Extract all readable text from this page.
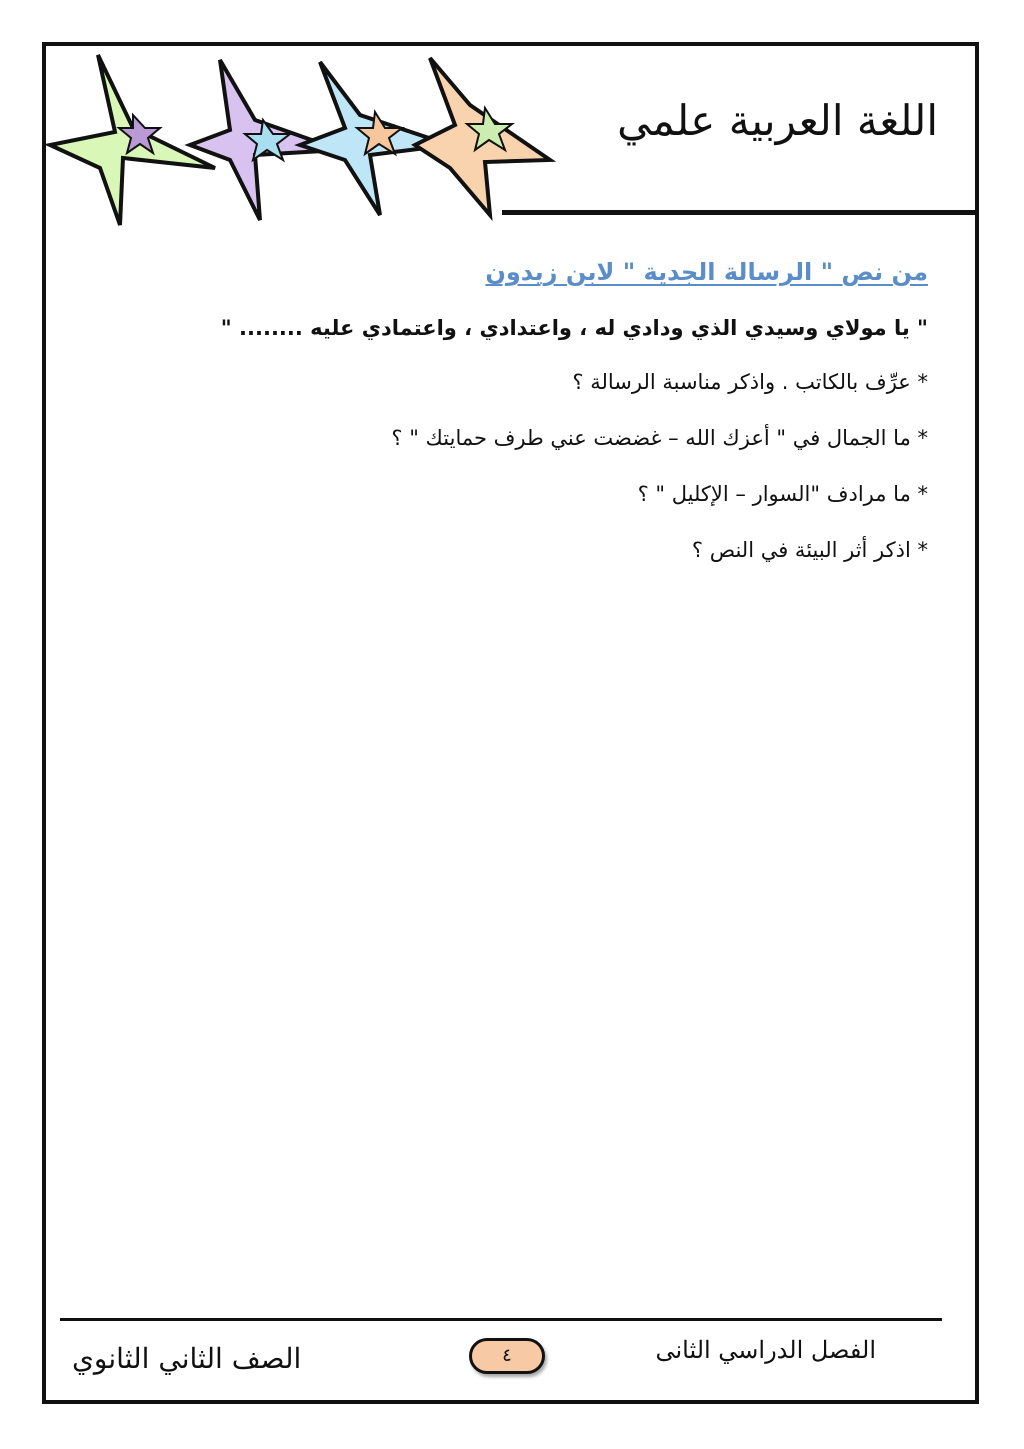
اللغة العربية علمي
من نص " الرسالة الجدية " لابن زيدون
" يا مولاي وسيدي الذي ودادي له ، واعتدادي ، واعتمادي عليه ........ "
* عرِّف بالكاتب . واذكر مناسبة الرسالة ؟
* ما الجمال في " أعزك الله – غضضت عني طرف حمايتك " ؟
* ما مرادف "السوار – الإكليل " ؟
* اذكر أثر البيئة في النص ؟
الفصل الدراسي الثانى
٤
الصف الثاني الثانوي
